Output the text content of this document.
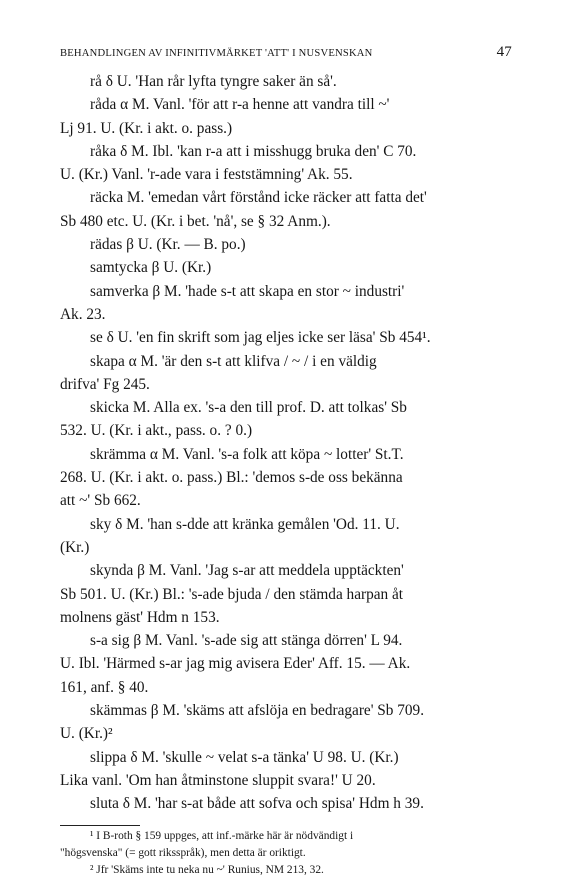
BEHANDLINGEN AV INFINITIVMÄRKET 'ATT' I NUSVENSKAN	47
rå δ U. 'Han rår lyfta tyngre saker än så'.
råda α M. Vanl. 'för att r-a henne att vandra till ~'
Lj 91. U. (Kr. i akt. o. pass.)
råka δ M. Ibl. 'kan r-a att i misshugg bruka den' C 70.
U. (Kr.) Vanl. 'r-ade vara i feststämning' Ak. 55.
räcka M. 'emedan vårt förstånd icke räcker att fatta det'
Sb 480 etc. U. (Kr. i bet. 'nå', se § 32 Anm.).
rädas β U. (Kr. — B. po.)
samtycka β U. (Kr.)
samverka β M. 'hade s-t att skapa en stor ~ industri'
Ak. 23.
se δ U. 'en fin skrift som jag eljes icke ser läsa' Sb 454¹.
skapa α M. 'är den s-t att klifva / ~ / i en väldig
drifva' Fg 245.
skicka M. Alla ex. 's-a den till prof. D. att tolkas' Sb
532. U. (Kr. i akt., pass. o. ? 0.)
skrämma α M. Vanl. 's-a folk att köpa ~ lotter' St.T.
268. U. (Kr. i akt. o. pass.) Bl.: 'demos s-de oss bekänna
att ~' Sb 662.
sky δ M. 'han s-dde att kränka gemålen 'Od. 11. U.
(Kr.)
skynda β M. Vanl. 'Jag s-ar att meddela upptäckten'
Sb 501. U. (Kr.) Bl.: 's-ade bjuda / den stämda harpan åt
molnens gäst' Hdm n 153.
s-a sig β M. Vanl. 's-ade sig att stänga dörren' L 94.
U. Ibl. 'Härmed s-ar jag mig avisera Eder' Aff. 15. — Ak.
161, anf. § 40.
skämmas β M. 'skäms att afslöja en bedragare' Sb 709.
U. (Kr.)²
slippa δ M. 'skulle ~ velat s-a tänka' U 98. U. (Kr.)
Lika vanl. 'Om han åtminstone sluppit svara!' U 20.
sluta δ M. 'har s-at både att sofva och spisa' Hdm h 39.
¹ I B-roth § 159 uppges, att inf.-märke här är nödvändigt i
"högsvenska" (= gott riksspråk), men detta är oriktigt.
² Jfr 'Skäms inte tu neka nu ~' Runius, NM 213, 32.
